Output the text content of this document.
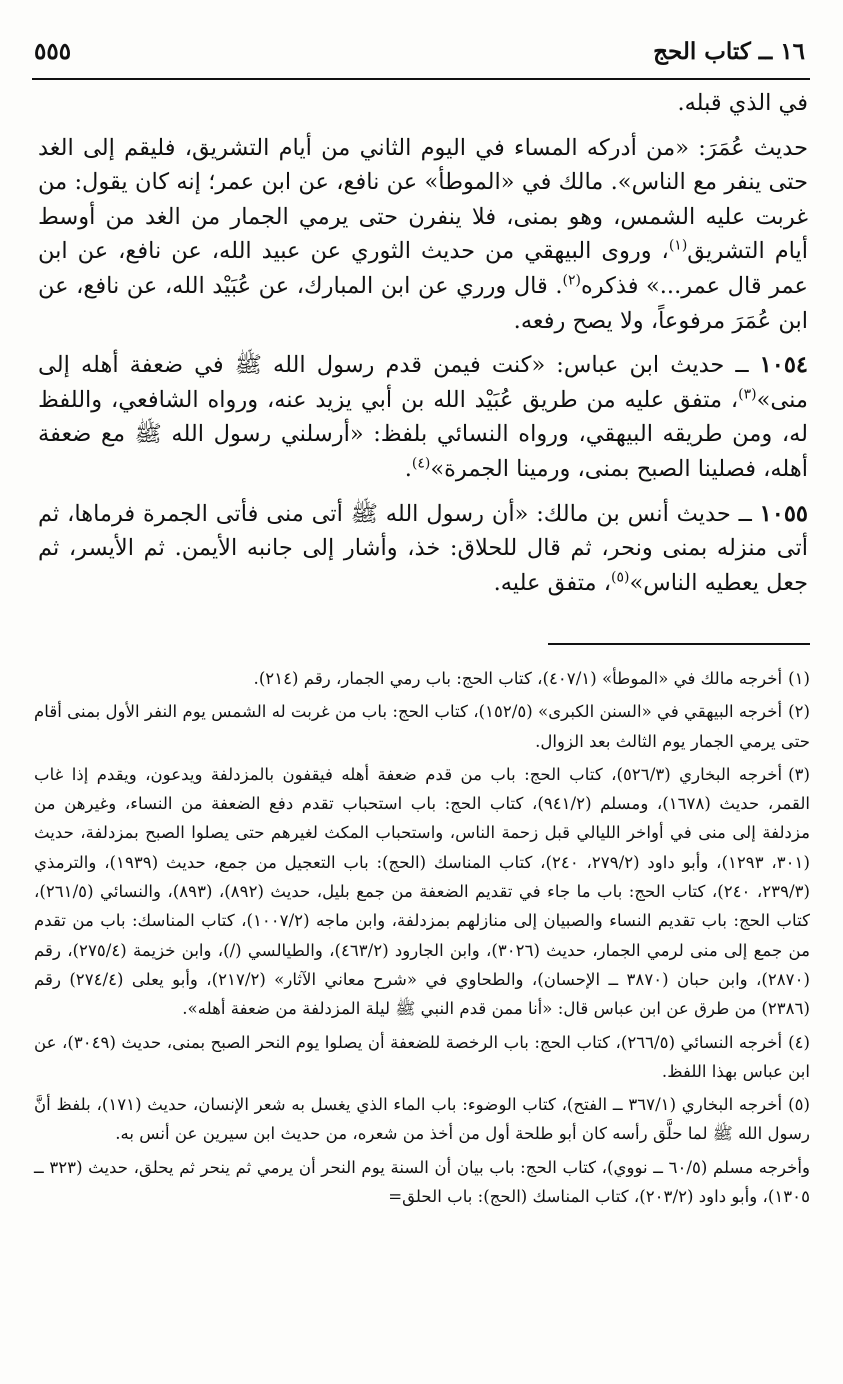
١٦ ــ كتاب الحج
٥٥٥

في الذي قبله.

حديث عُمَرَ: «من أدركه المساء في اليوم الثاني من أيام التشريق، فليقم إلى الغد حتى ينفر مع الناس». مالك في «الموطأ» عن نافع، عن ابن عمر؛ إنه كان يقول: من غربت عليه الشمس، وهو بمنى، فلا ينفرن حتى يرمي الجمار من الغد من أوسط أيام التشريق$^{(١)}$، وروى البيهقي من حديث الثوري عن عبيد الله، عن نافع، عن ابن عمر قال عمر...» فذكره$^{(٢)}$. قال ورري عن ابن المبارك، عن عُبَيْد الله، عن نافع، عن ابن عُمَرَ مرفوعاً، ولا يصح رفعه.

١٠٥٤ ــ حديث ابن عباس: «كنت فيمن قدم رسول الله ﷺ في ضعفة أهله إلى منى»$^{(٣)}$، متفق عليه من طريق عُبَيْد الله بن أبي يزيد عنه، ورواه الشافعي، واللفظ له، ومن طريقه البيهقي، ورواه النسائي بلفظ: «أرسلني رسول الله ﷺ مع ضعفة أهله، فصلينا الصبح بمنى، ورمينا الجمرة»$^{(٤)}$.

١٠٥٥ ــ حديث أنس بن مالك: «أن رسول الله ﷺ أتى منى فأتى الجمرة فرماها، ثم أتى منزله بمنى ونحر، ثم قال للحلاق: خذ، وأشار إلى جانبه الأيمن. ثم الأيسر، ثم جعل يعطيه الناس»$^{(٥)}$، متفق عليه.

(١)أخرجه مالك في «الموطأ» (٤٠٧/١)، كتاب الحج: باب رمي الجمار، رقم (٢١٤).

(٢)أخرجه البيهقي في «السنن الكبرى» (١٥٢/٥)، كتاب الحج: باب من غربت له الشمس يوم النفر الأول بمنى أقام حتى يرمي الجمار يوم الثالث بعد الزوال.

(٣)أخرجه البخاري (٥٢٦/٣)، كتاب الحج: باب من قدم ضعفة أهله فيقفون بالمزدلفة ويدعون، ويقدم إذا غاب القمر، حديث (١٦٧٨)، ومسلم (٩٤١/٢)، كتاب الحج: باب استحباب تقدم دفع الضعفة من النساء، وغيرهن من مزدلفة إلى منى في أواخر الليالي قبل زحمة الناس، واستحباب المكث لغيرهم حتى يصلوا الصبح بمزدلفة، حديث (٣٠١، ١٢٩٣)، وأبو داود (٢٧٩/٢، ٢٤٠)، كتاب المناسك (الحج): باب التعجيل من جمع، حديث (١٩٣٩)، والترمذي (٢٣٩/٣، ٢٤٠)، كتاب الحج: باب ما جاء في تقديم الضعفة من جمع بليل، حديث (٨٩٢)، (٨٩٣)، والنسائي (٢٦١/٥)، كتاب الحج: باب تقديم النساء والصبيان إلى منازلهم بمزدلفة، وابن ماجه (١٠٠٧/٢)، كتاب المناسك: باب من تقدم من جمع إلى منى لرمي الجمار، حديث (٣٠٢٦)، وابن الجارود (٤٦٣/٢)، والطيالسي (/)، وابن خزيمة (٢٧٥/٤)، رقم (٢٨٧٠)، وابن حبان (٣٨٧٠ ــ الإحسان)، والطحاوي في «شرح معاني الآثار» (٢١٧/٢)، وأبو يعلى (٢٧٤/٤) رقم (٢٣٨٦) من طرق عن ابن عباس قال: «أنا ممن قدم النبي ﷺ ليلة المزدلفة من ضعفة أهله».

(٤)أخرجه النسائي (٢٦٦/٥)، كتاب الحج: باب الرخصة للضعفة أن يصلوا يوم النحر الصبح بمنى، حديث (٣٠٤٩)، عن ابن عباس بهذا اللفظ.

(٥)أخرجه البخاري (٣٦٧/١ ــ الفتح)، كتاب الوضوء: باب الماء الذي يغسل به شعر الإنسان، حديث (١٧١)، بلفظ أنَّ رسول الله ﷺ لما حلَّق رأسه كان أبو طلحة أول من أخذ من شعره، من حديث ابن سيرين عن أنس به.

وأخرجه مسلم (٦٠/٥ ــ نووي)، كتاب الحج: باب بيان أن السنة يوم النحر أن يرمي ثم ينحر ثم يحلق، حديث (٣٢٣ ــ ١٣٠٥)، وأبو داود (٢٠٣/٢)، كتاب المناسك (الحج): باب الحلق=
